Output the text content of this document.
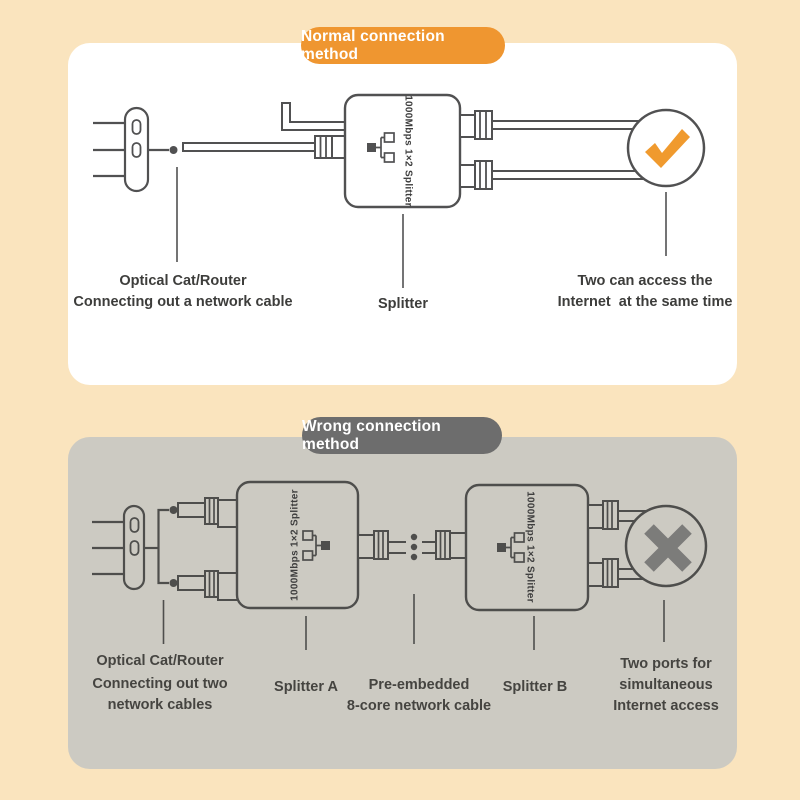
Normal connection method
1000Mbps 1×2 Splitter
Optical Cat/Router
Connecting out a network cable	Splitter
Two can access the
Internet  at the same time
Wrong connection method
1000Mbps 1×2 Splitter	1000Mbps 1×2 Splitter
Optical Cat/Router
Connecting out two
network cables
Splitter A	Pre-embedded
8-core network cable
Splitter B
Two ports for
simultaneous
Internet access
